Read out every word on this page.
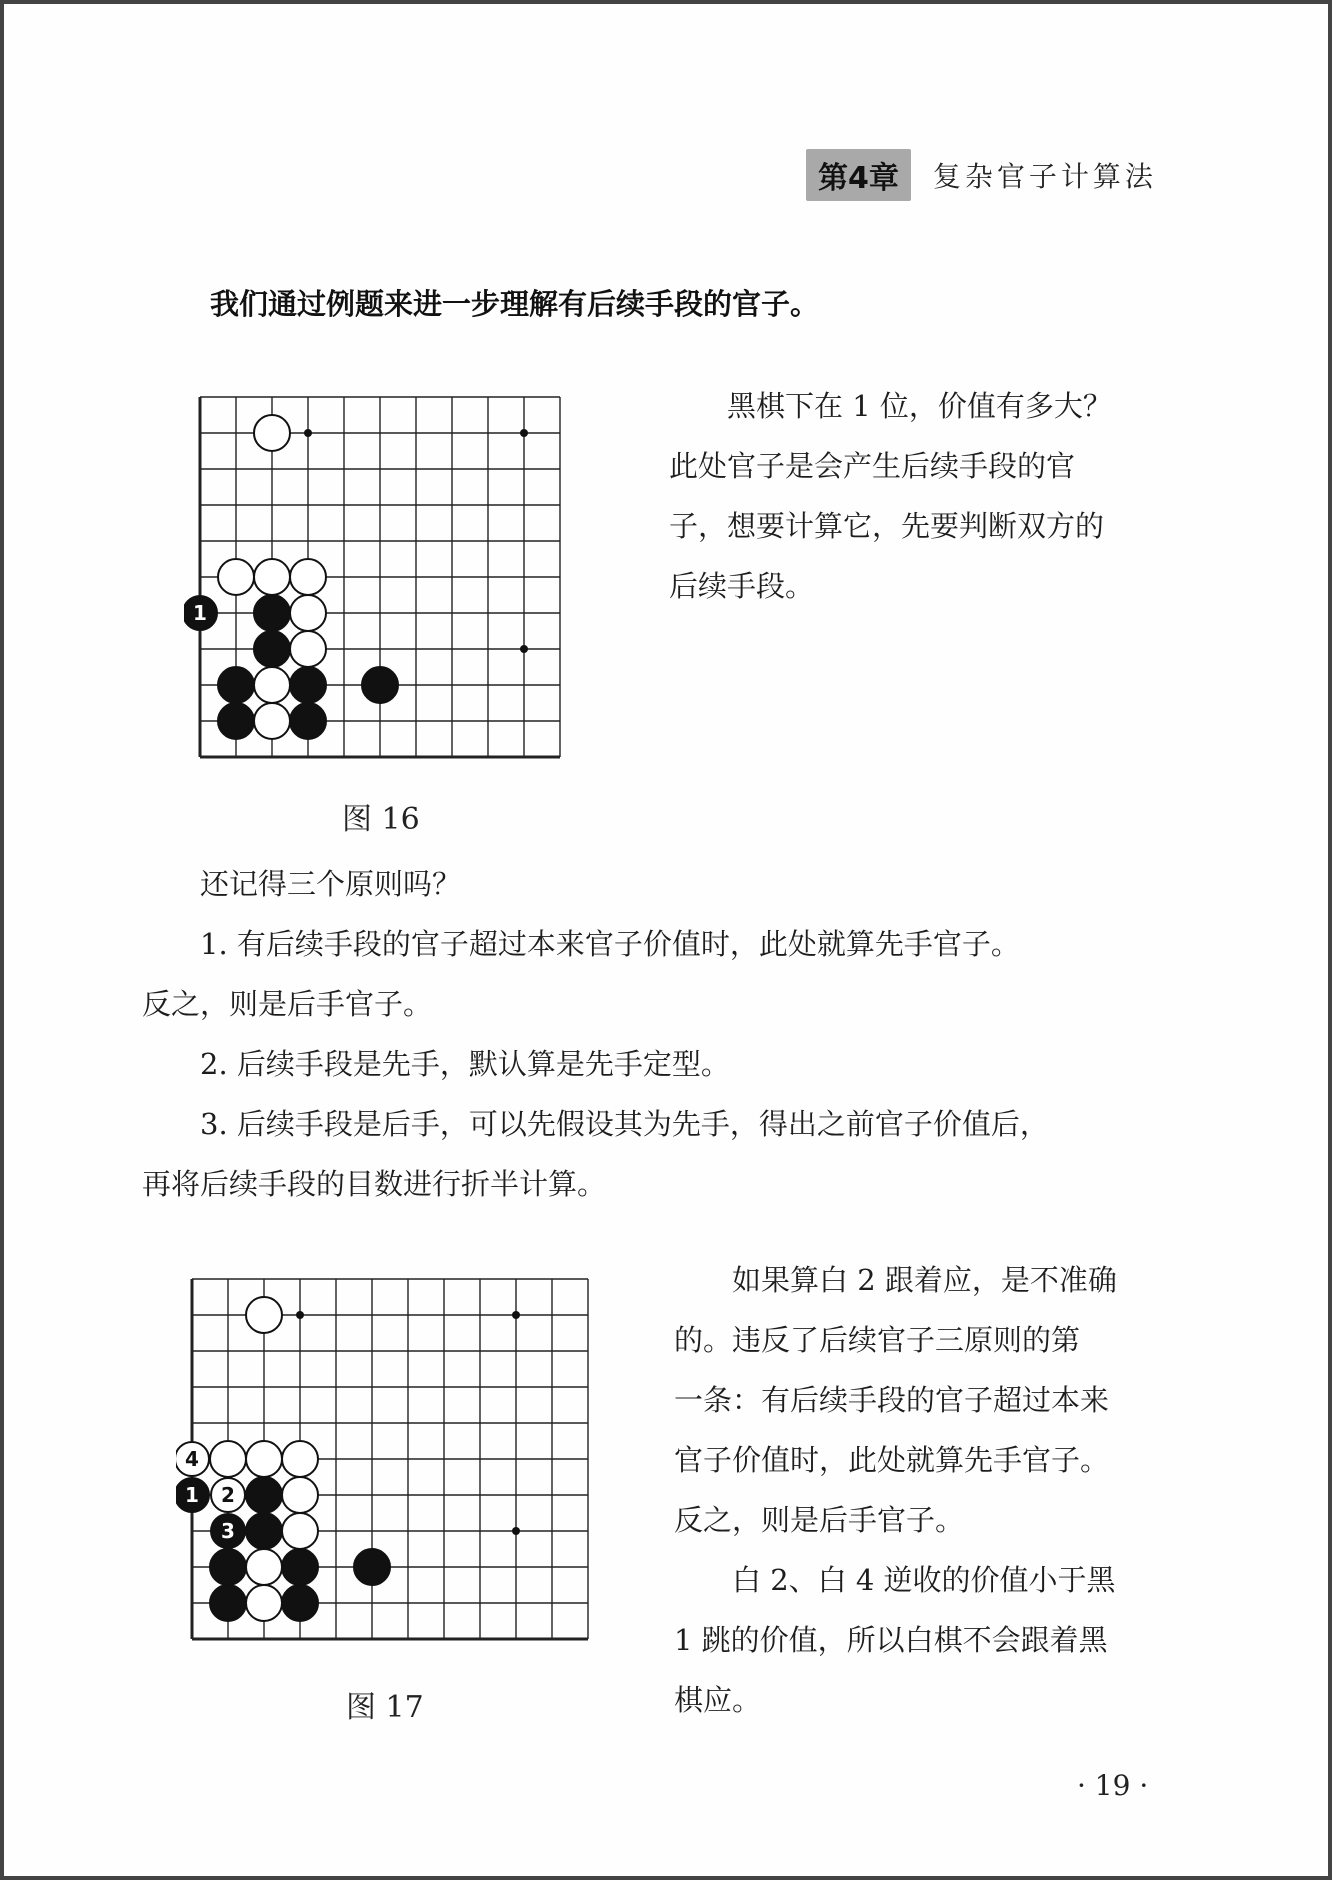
第4章	复杂官子计算法
我们通过例题来进一步理解有后续手段的官子。
1
图 16

黑棋下在 1 位，价值有多大？

此处官子是会产生后续手段的官

子，想要计算它，先要判断双方的

后续手段。

还记得三个原则吗？

1. 有后续手段的官子超过本来官子价值时，此处就算先手官子。

反之，则是后手官子。

2. 后续手段是先手，默认算是先手定型。

3. 后续手段是后手，可以先假设其为先手，得出之前官子价值后，

再将后续手段的目数进行折半计算。

4
1 2
3
图 17

如果算白 2 跟着应，是不准确

的。违反了后续官子三原则的第

一条：有后续手段的官子超过本来

官子价值时，此处就算先手官子。

反之，则是后手官子。

白 2、白 4 逆收的价值小于黑

1 跳的价值，所以白棋不会跟着黑

棋应。

· 19 ·
